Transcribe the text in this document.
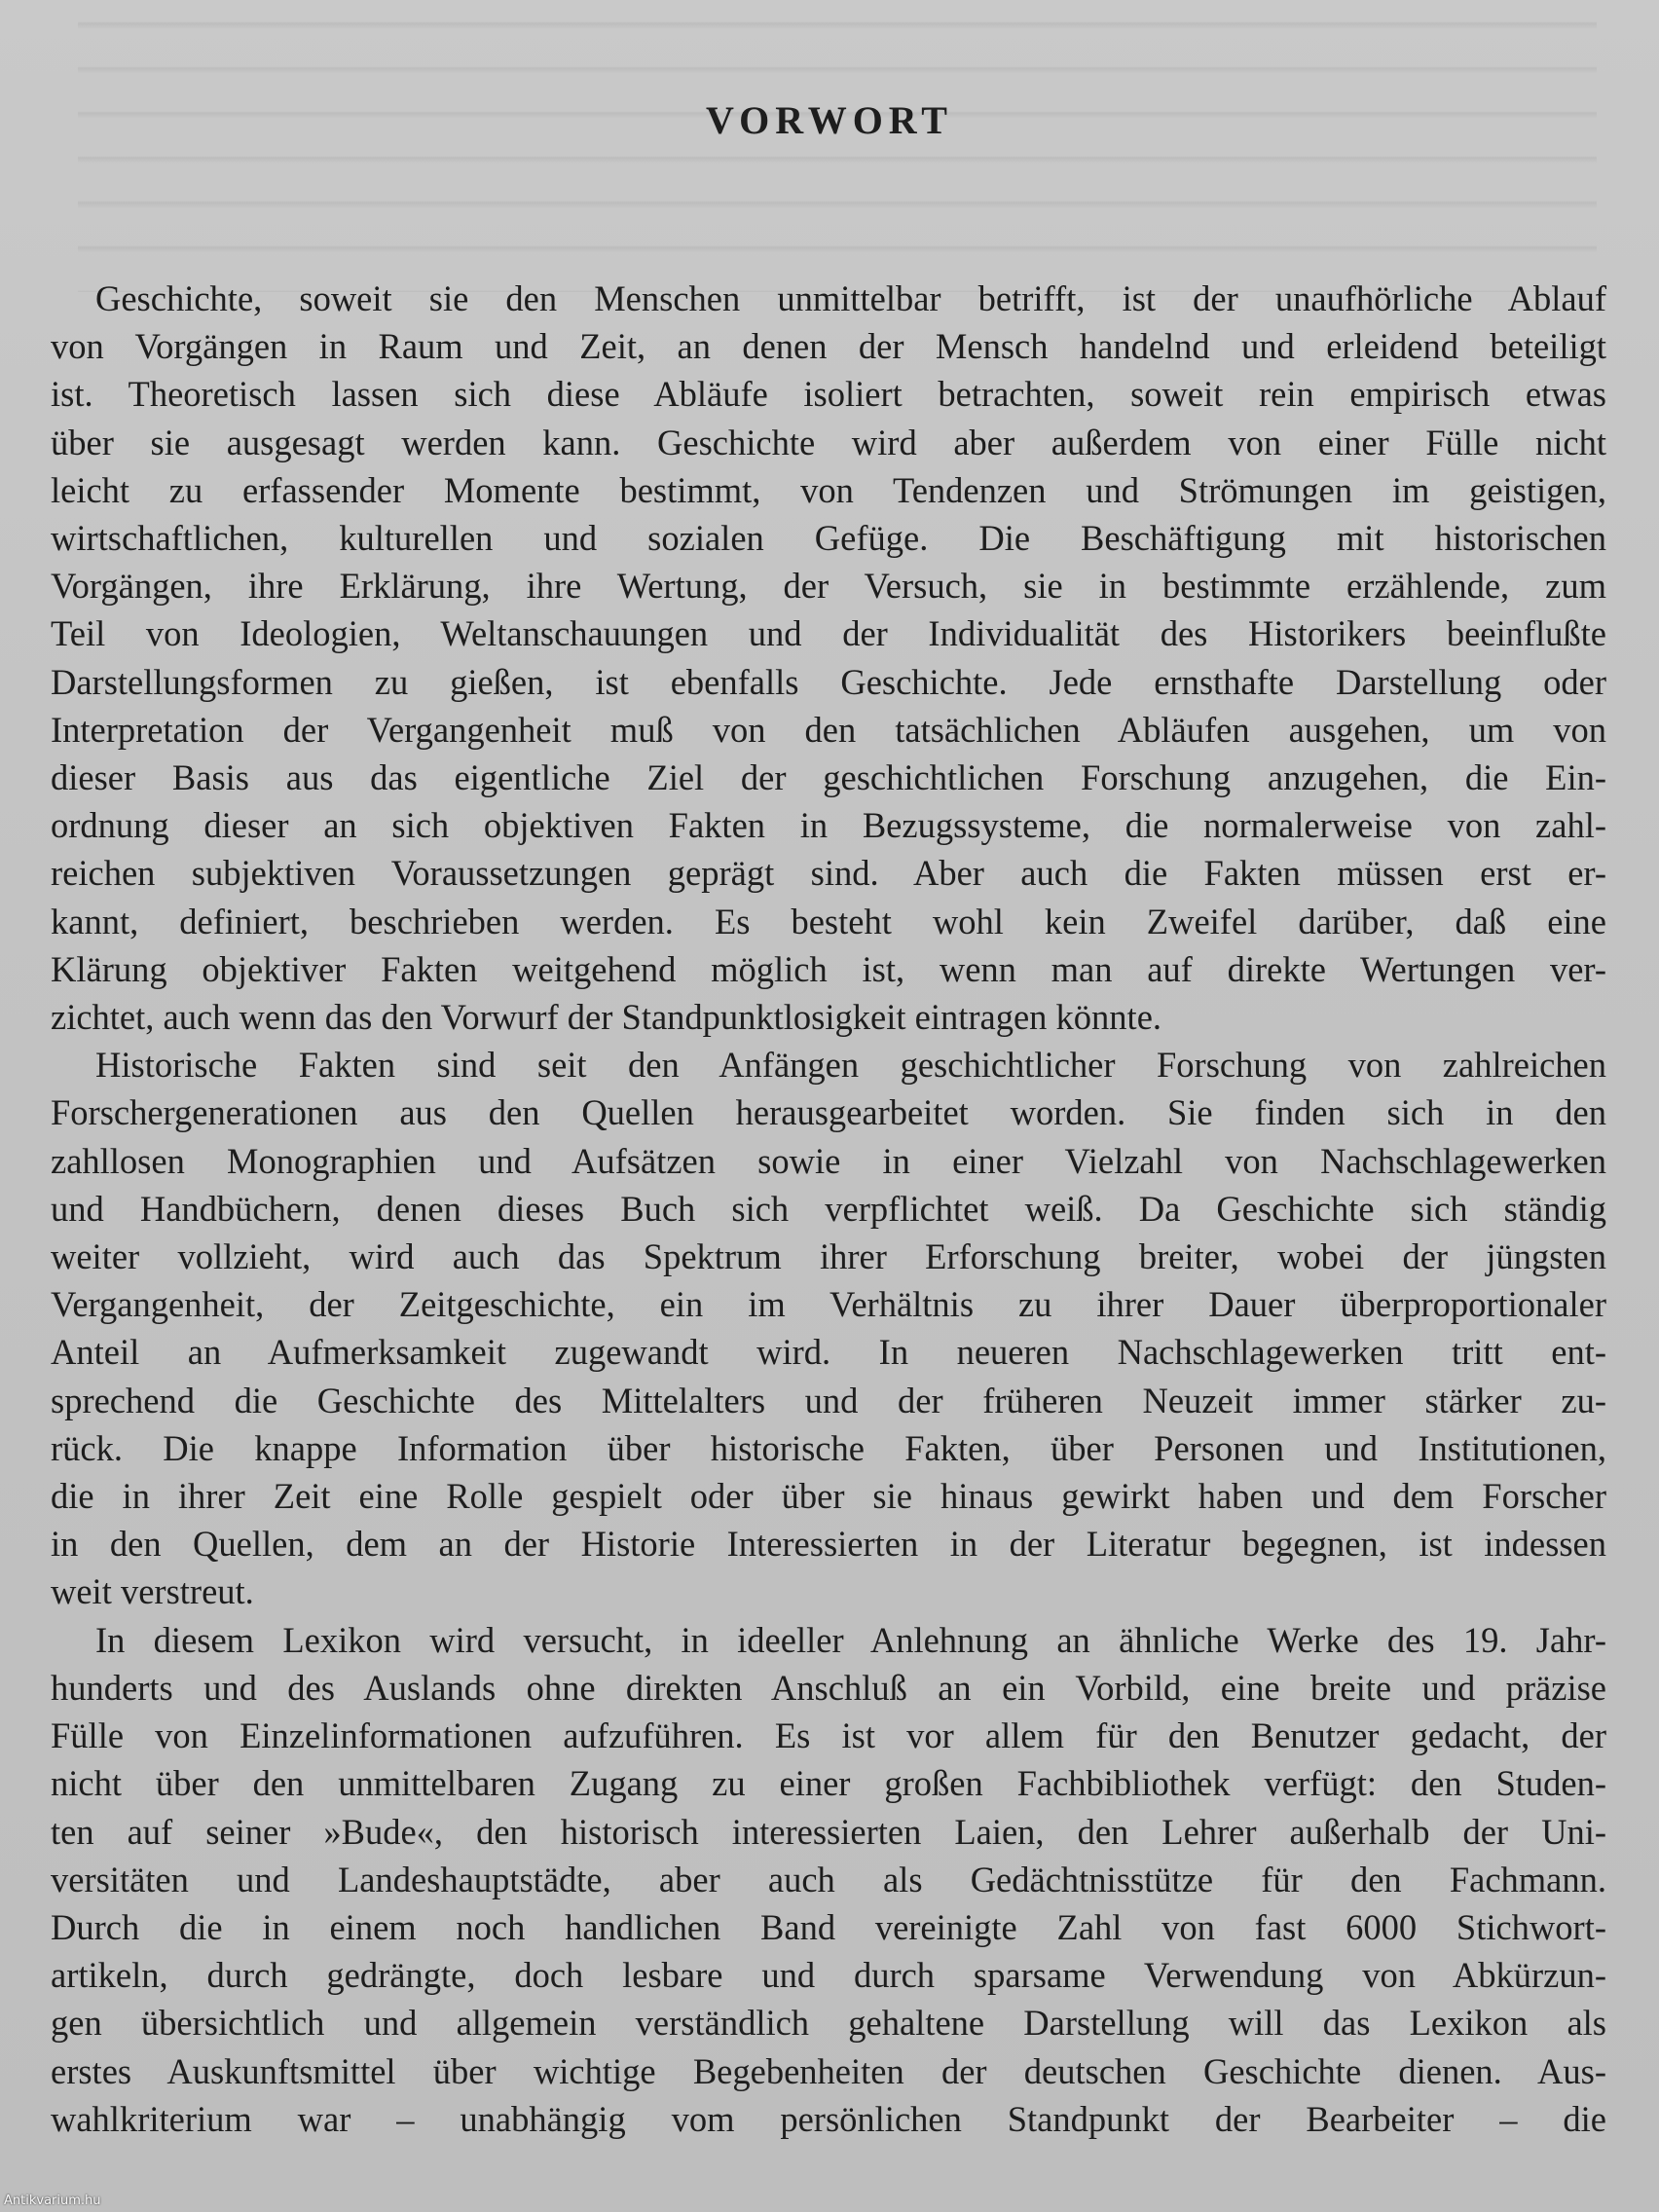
VORWORT
Geschichte, soweit sie den Menschen unmittelbar betrifft, ist der unaufhörliche Ablauf
von Vorgängen in Raum und Zeit, an denen der Mensch handelnd und erleidend beteiligt
ist. Theoretisch lassen sich diese Abläufe isoliert betrachten, soweit rein empirisch etwas
über sie ausgesagt werden kann. Geschichte wird aber außerdem von einer Fülle nicht
leicht zu erfassender Momente bestimmt, von Tendenzen und Strömungen im geistigen,
wirtschaftlichen, kulturellen und sozialen Gefüge. Die Beschäftigung mit historischen
Vorgängen, ihre Erklärung, ihre Wertung, der Versuch, sie in bestimmte erzählende, zum
Teil von Ideologien, Weltanschauungen und der Individualität des Historikers beeinflußte
Darstellungsformen zu gießen, ist ebenfalls Geschichte. Jede ernsthafte Darstellung oder
Interpretation der Vergangenheit muß von den tatsächlichen Abläufen ausgehen, um von
dieser Basis aus das eigentliche Ziel der geschichtlichen Forschung anzugehen, die Ein-
ordnung dieser an sich objektiven Fakten in Bezugssysteme, die normalerweise von zahl-
reichen subjektiven Voraussetzungen geprägt sind. Aber auch die Fakten müssen erst er-
kannt, definiert, beschrieben werden. Es besteht wohl kein Zweifel darüber, daß eine
Klärung objektiver Fakten weitgehend möglich ist, wenn man auf direkte Wertungen ver-
zichtet, auch wenn das den Vorwurf der Standpunktlosigkeit eintragen könnte.
Historische Fakten sind seit den Anfängen geschichtlicher Forschung von zahlreichen
Forschergenerationen aus den Quellen herausgearbeitet worden. Sie finden sich in den
zahllosen Monographien und Aufsätzen sowie in einer Vielzahl von Nachschlagewerken
und Handbüchern, denen dieses Buch sich verpflichtet weiß. Da Geschichte sich ständig
weiter vollzieht, wird auch das Spektrum ihrer Erforschung breiter, wobei der jüngsten
Vergangenheit, der Zeitgeschichte, ein im Verhältnis zu ihrer Dauer überproportionaler
Anteil an Aufmerksamkeit zugewandt wird. In neueren Nachschlagewerken tritt ent-
sprechend die Geschichte des Mittelalters und der früheren Neuzeit immer stärker zu-
rück. Die knappe Information über historische Fakten, über Personen und Institutionen,
die in ihrer Zeit eine Rolle gespielt oder über sie hinaus gewirkt haben und dem Forscher
in den Quellen, dem an der Historie Interessierten in der Literatur begegnen, ist indessen
weit verstreut.
In diesem Lexikon wird versucht, in ideeller Anlehnung an ähnliche Werke des 19. Jahr-
hunderts und des Auslands ohne direkten Anschluß an ein Vorbild, eine breite und präzise
Fülle von Einzelinformationen aufzuführen. Es ist vor allem für den Benutzer gedacht, der
nicht über den unmittelbaren Zugang zu einer großen Fachbibliothek verfügt: den Studen-
ten auf seiner »Bude«, den historisch interessierten Laien, den Lehrer außerhalb der Uni-
versitäten und Landeshauptstädte, aber auch als Gedächtnisstütze für den Fachmann.
Durch die in einem noch handlichen Band vereinigte Zahl von fast 6000 Stichwort-
artikeln, durch gedrängte, doch lesbare und durch sparsame Verwendung von Abkürzun-
gen übersichtlich und allgemein verständlich gehaltene Darstellung will das Lexikon als
erstes Auskunftsmittel über wichtige Begebenheiten der deutschen Geschichte dienen. Aus-
wahlkriterium war – unabhängig vom persönlichen Standpunkt der Bearbeiter – die
Antikvarium.hu
